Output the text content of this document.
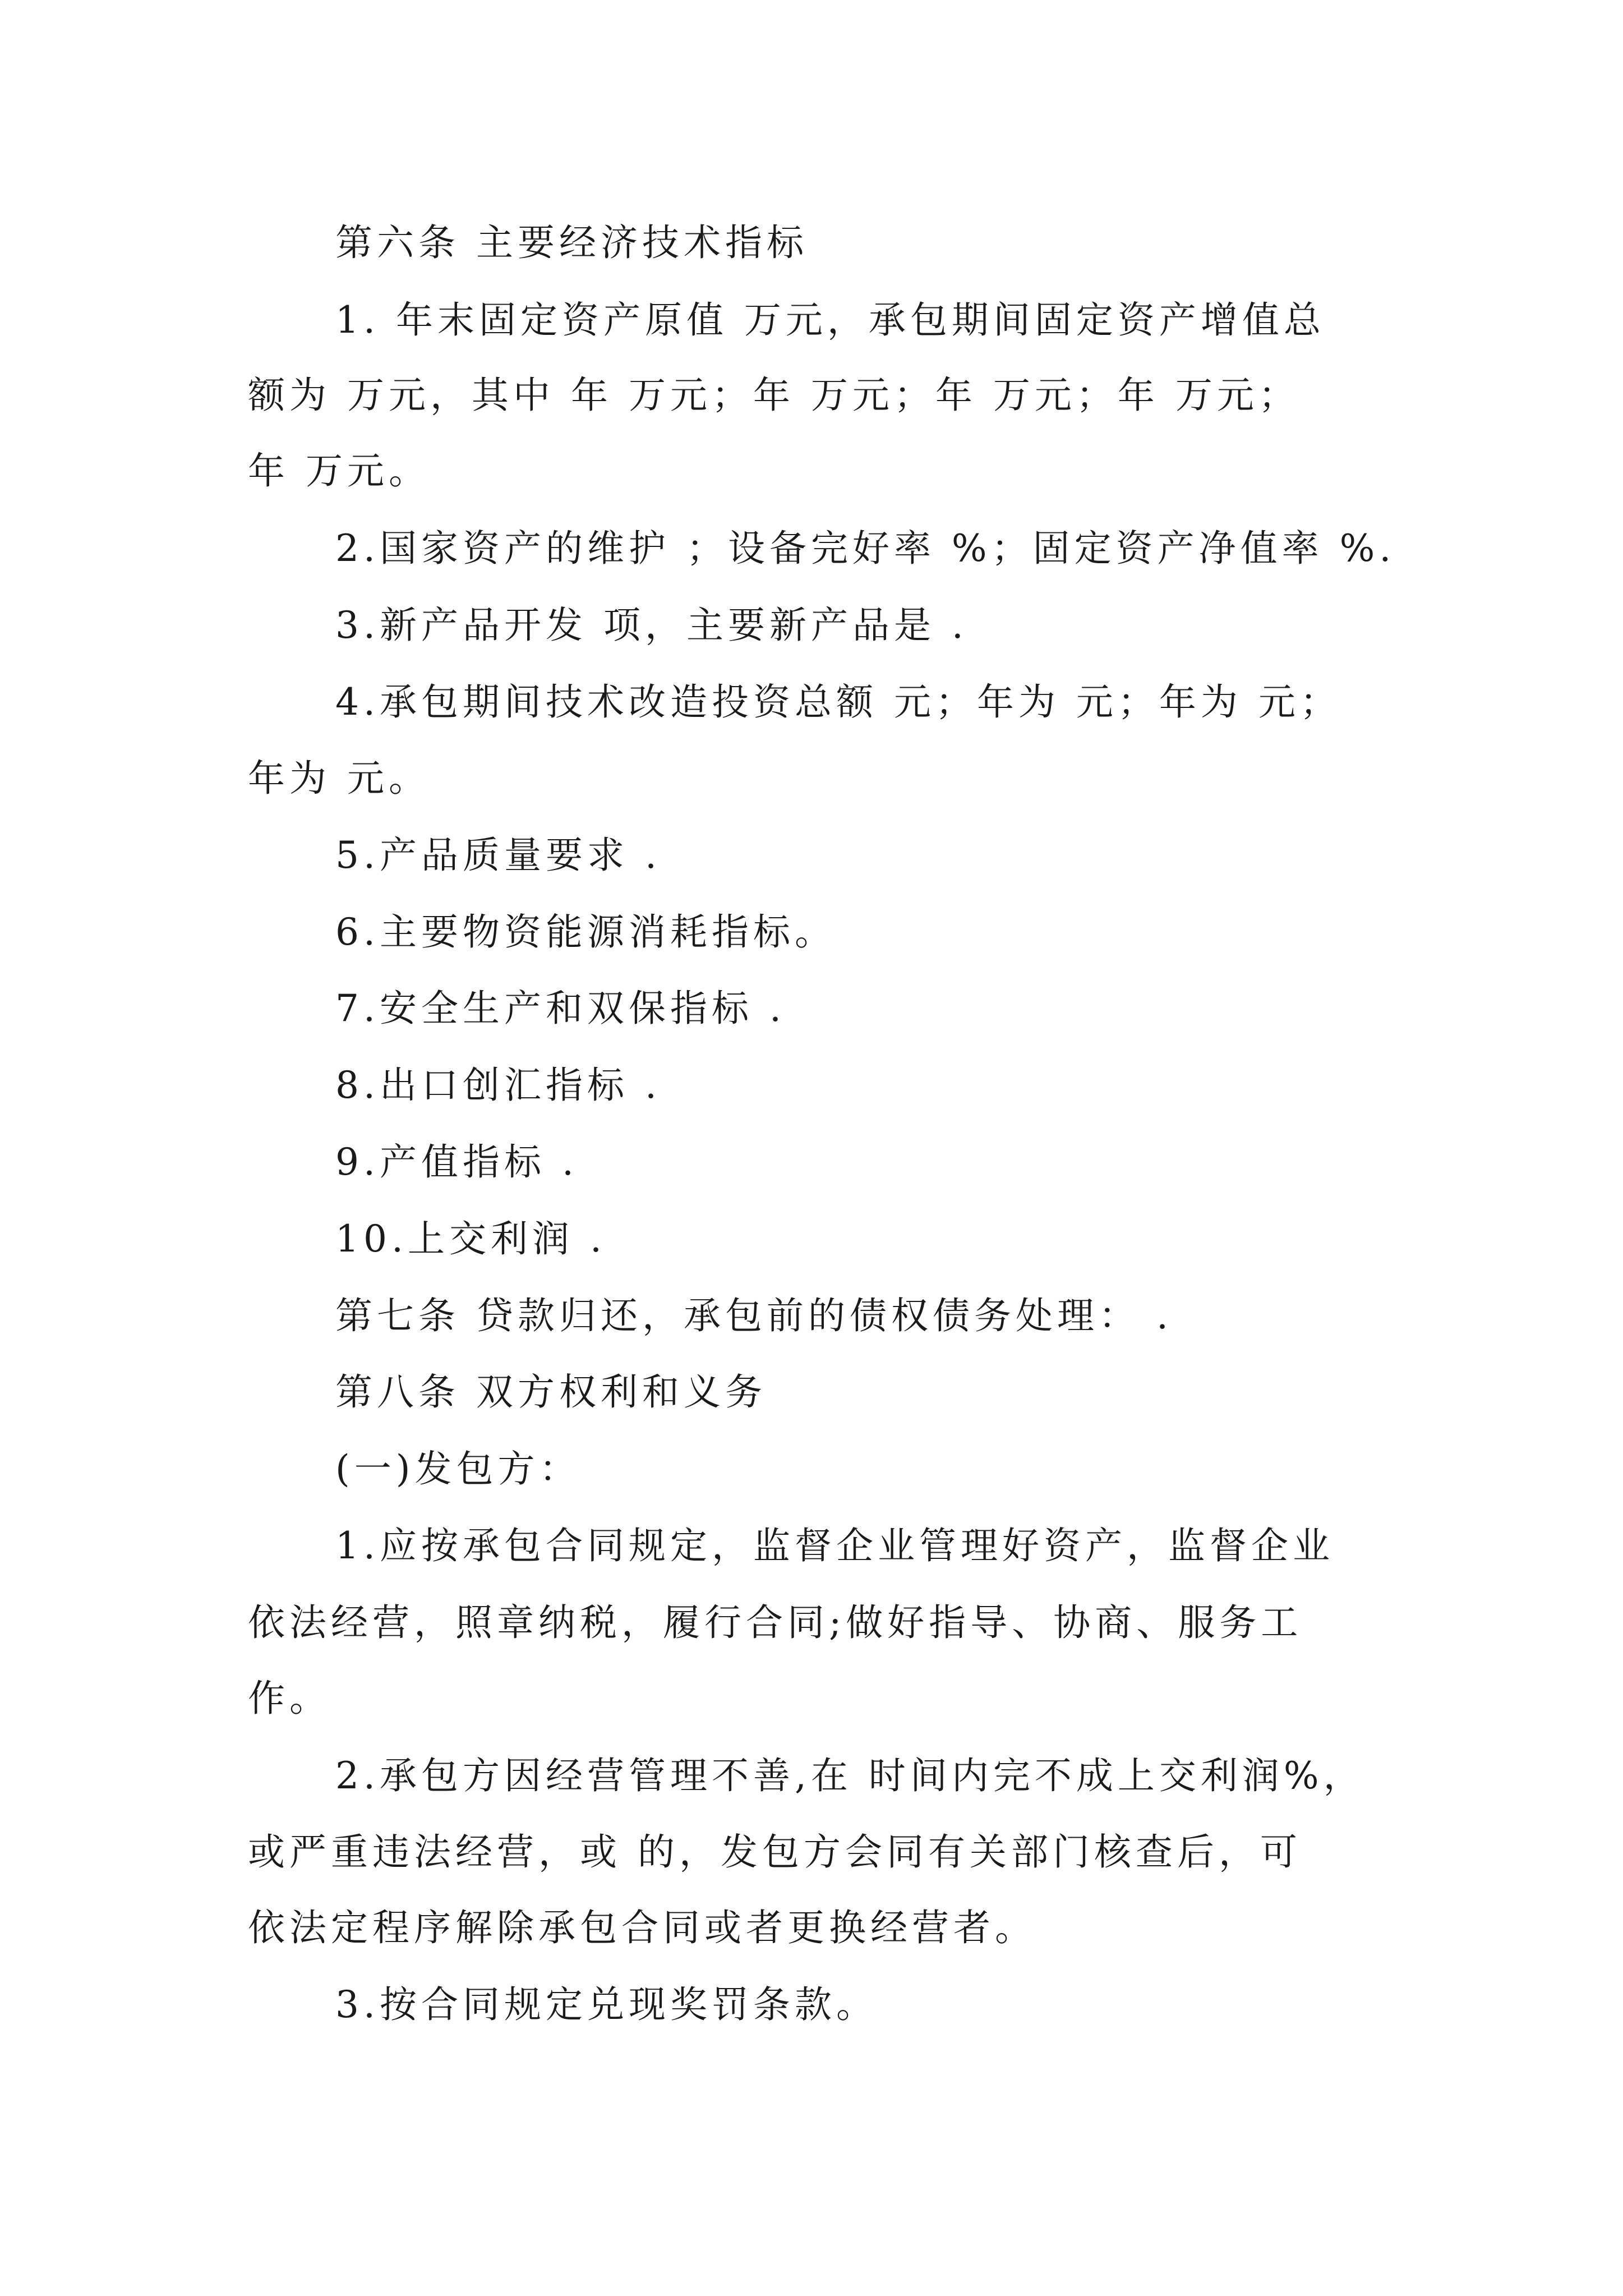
第六条 主要经济技术指标
1. 年末固定资产原值 万元，承包期间固定资产增值总
额为 万元，其中 年 万元；年 万元；年 万元；年 万元；
年 万元。
2.国家资产的维护 ；设备完好率 %；固定资产净值率 %.
3.新产品开发 项，主要新产品是 .
4.承包期间技术改造投资总额 元；年为 元；年为 元；
年为 元。
5.产品质量要求 .
6.主要物资能源消耗指标。
7.安全生产和双保指标 .
8.出口创汇指标 .
9.产值指标 .
10.上交利润 .
第七条 贷款归还，承包前的债权债务处理： .
第八条 双方权利和义务
(一)发包方：
1.应按承包合同规定，监督企业管理好资产，监督企业
依法经营，照章纳税，履行合同;做好指导、协商、服务工
作。
2.承包方因经营管理不善,在 时间内完不成上交利润%，
或严重违法经营，或 的，发包方会同有关部门核查后，可
依法定程序解除承包合同或者更换经营者。
3.按合同规定兑现奖罚条款。
